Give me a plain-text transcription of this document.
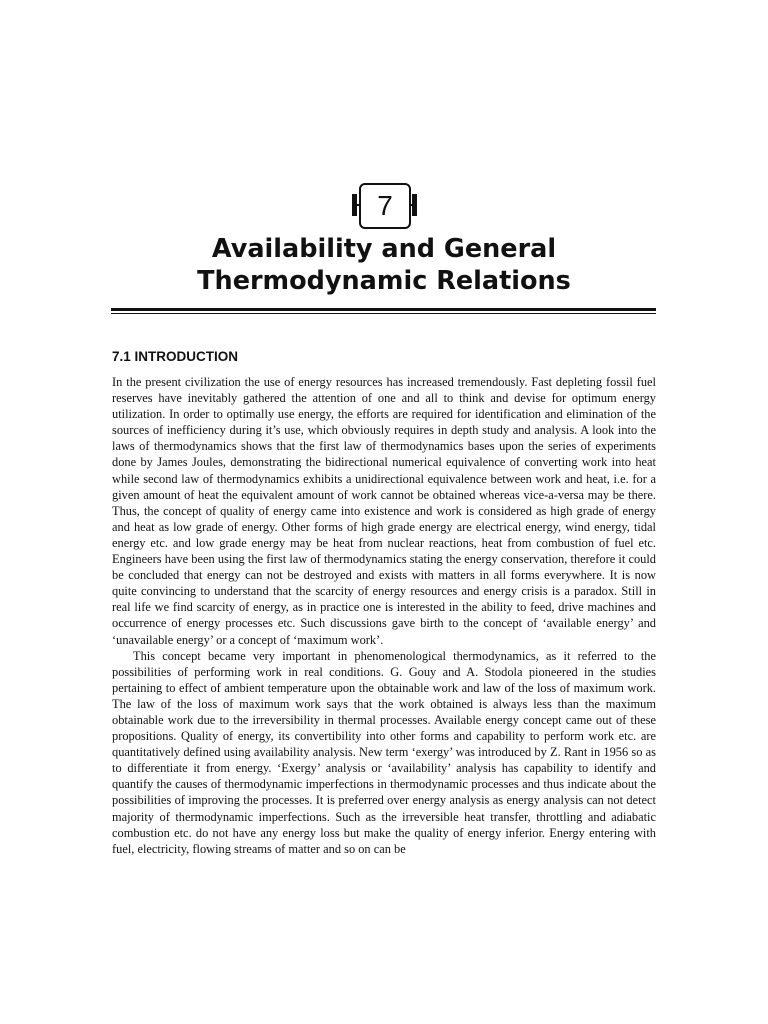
7
Availability and General
Thermodynamic Relations
7.1 INTRODUCTION

In the present civilization the use of energy resources has increased tremendously. Fast depleting fossil fuel reserves have inevitably gathered the attention of one and all to think and devise for optimum energy utilization. In order to optimally use energy, the efforts are required for identification and elimination of the sources of inefficiency during it’s use, which obviously requires in depth study and analysis. A look into the laws of thermodynamics shows that the first law of thermodynamics bases upon the series of experiments done by James Joules, demonstrating the bidirectional numerical equivalence of converting work into heat while second law of thermodynamics exhibits a unidirectional equivalence between work and heat, i.e. for a given amount of heat the equivalent amount of work cannot be obtained whereas vice-a-versa may be there. Thus, the concept of quality of energy came into existence and work is considered as high grade of energy and heat as low grade of energy. Other forms of high grade energy are electrical energy, wind energy, tidal energy etc. and low grade energy may be heat from nuclear reactions, heat from combustion of fuel etc. Engineers have been using the first law of thermodynamics stating the energy conservation, therefore it could be concluded that energy can not be destroyed and exists with matters in all forms everywhere. It is now quite convincing to understand that the scarcity of energy resources and energy crisis is a paradox. Still in real life we find scarcity of energy, as in practice one is interested in the ability to feed, drive machines and occurrence of energy processes etc. Such discussions gave birth to the concept of ‘available energy’ and ‘unavailable energy’ or a concept of ‘maximum work’.

This concept became very important in phenomenological thermodynamics, as it referred to the possibilities of performing work in real conditions. G. Gouy and A. Stodola pioneered in the studies pertaining to effect of ambient temperature upon the obtainable work and law of the loss of maximum work. The law of the loss of maximum work says that the work obtained is always less than the maximum obtainable work due to the irreversibility in thermal processes. Available energy concept came out of these propositions. Quality of energy, its convertibility into other forms and capability to perform work etc. are quantitatively defined using availability analysis. New term ‘exergy’ was introduced by Z. Rant in 1956 so as to differentiate it from energy. ‘Exergy’ analysis or ‘availability’ analysis has capability to identify and quantify the causes of thermodynamic imperfections in thermodynamic processes and thus indicate about the possibilities of improving the processes. It is preferred over energy analysis as energy analysis can not detect majority of thermodynamic imperfections. Such as the irreversible heat transfer, throttling and adiabatic combustion etc. do not have any energy loss but make the quality of energy inferior. Energy entering with fuel, electricity, flowing streams of matter and so on can be
